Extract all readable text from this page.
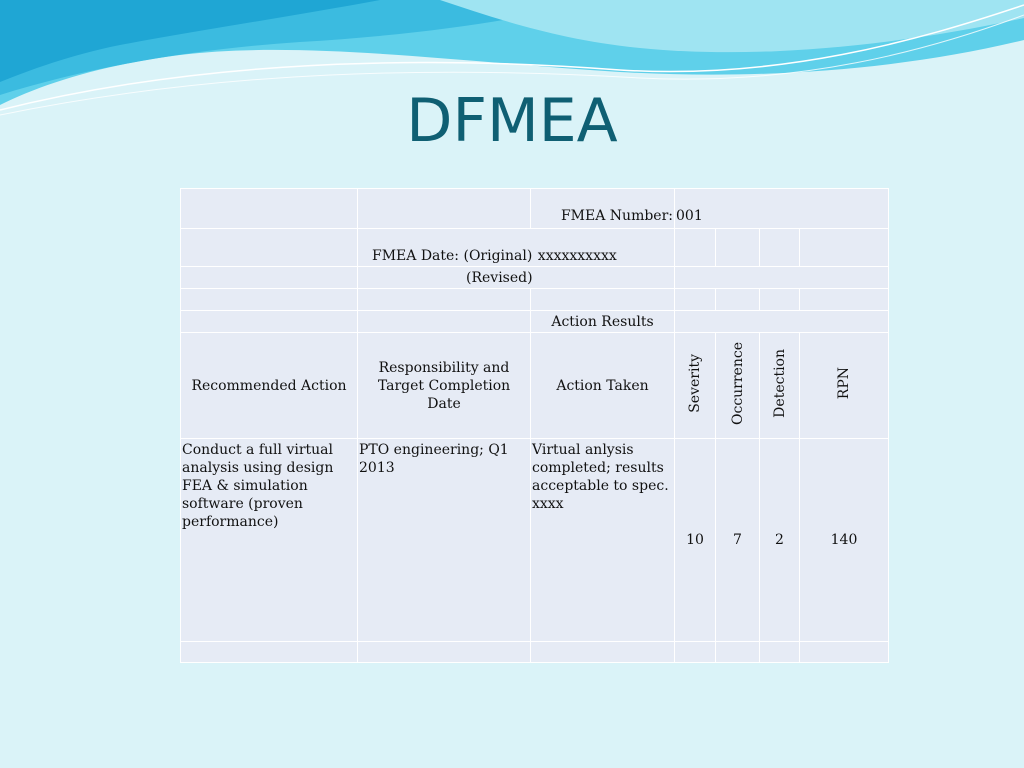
DFMEA
		FMEA Number:	001			
	FMEA Date: (Original) xxxxxxxxxx					
	(Revised)					

		Action Results				
Recommended Action	Responsibility and Target Completion Date	Action Taken	Severity	Occurrence	Detection	RPN
Conduct a full virtual analysis using design FEA & simulation software (proven performance)	PTO engineering; Q1 2013	Virtual anlysis completed; results acceptable to spec. xxxx	10	7	2	140
